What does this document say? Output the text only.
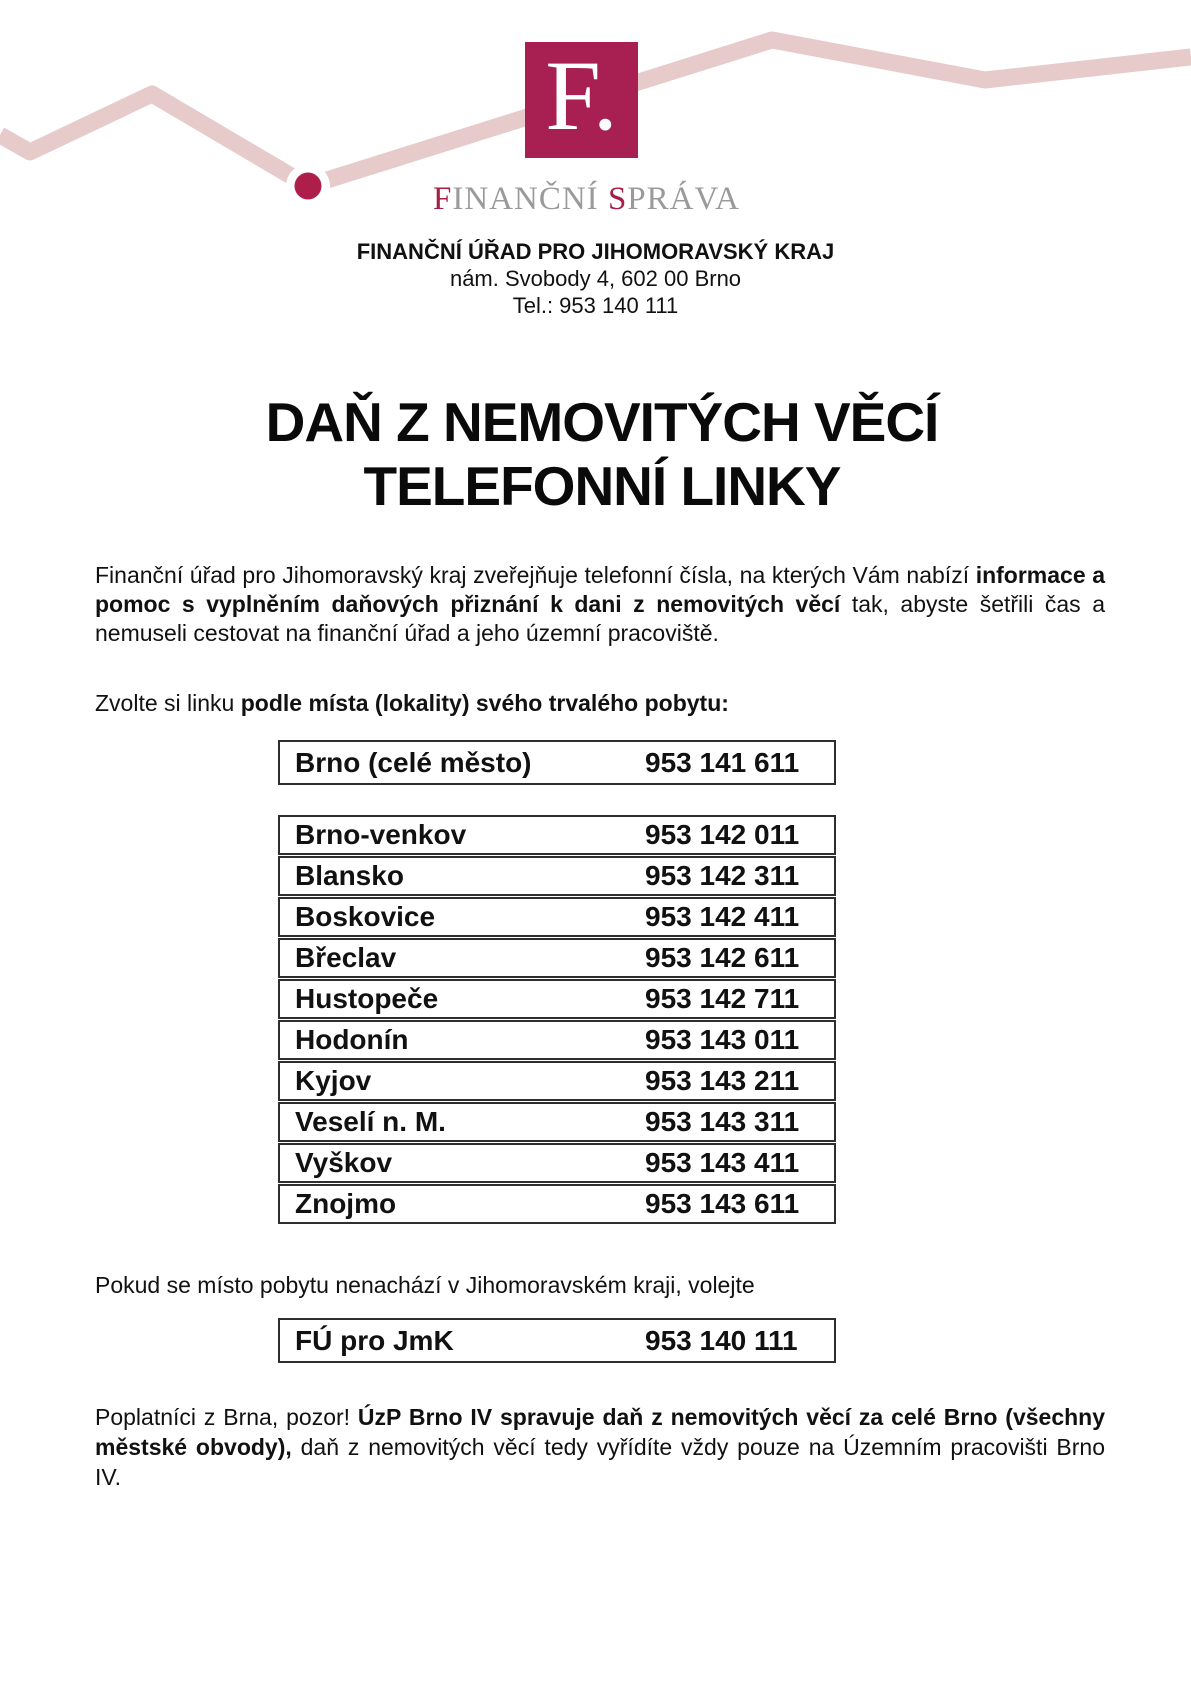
F.
FINANČNÍ SPRÁVA
FINANČNÍ ÚŘAD PRO JIHOMORAVSKÝ KRAJ
nám. Svobody 4, 602 00 Brno
Tel.: 953 140 111
DAŇ Z NEMOVITÝCH VĚCÍ
TELEFONNÍ LINKY
Finanční úřad pro Jihomoravský kraj zveřejňuje telefonní čísla, na kterých Vám nabízí informace a pomoc s vyplněním daňových přiznání k dani z nemovitých věcí tak, abyste šetřili čas a nemuseli cestovat na finanční úřad a jeho územní pracoviště.
Zvolte si linku podle místa (lokality) svého trvalého pobytu:
Brno (celé město)	953 141 611
Brno-venkov	953 142 011
Blansko	953 142 311
Boskovice	953 142 411
Břeclav	953 142 611
Hustopeče	953 142 711
Hodonín	953 143 011
Kyjov	953 143 211
Veselí n. M.	953 143 311
Vyškov	953 143 411
Znojmo	953 143 611
Pokud se místo pobytu nenachází v Jihomoravském kraji, volejte
FÚ pro JmK	953 140 111
Poplatníci z Brna, pozor! ÚzP Brno IV spravuje daň z nemovitých věcí za celé Brno (všechny městské obvody), daň z nemovitých věcí tedy vyřídíte vždy pouze na Územním pracovišti Brno IV.
